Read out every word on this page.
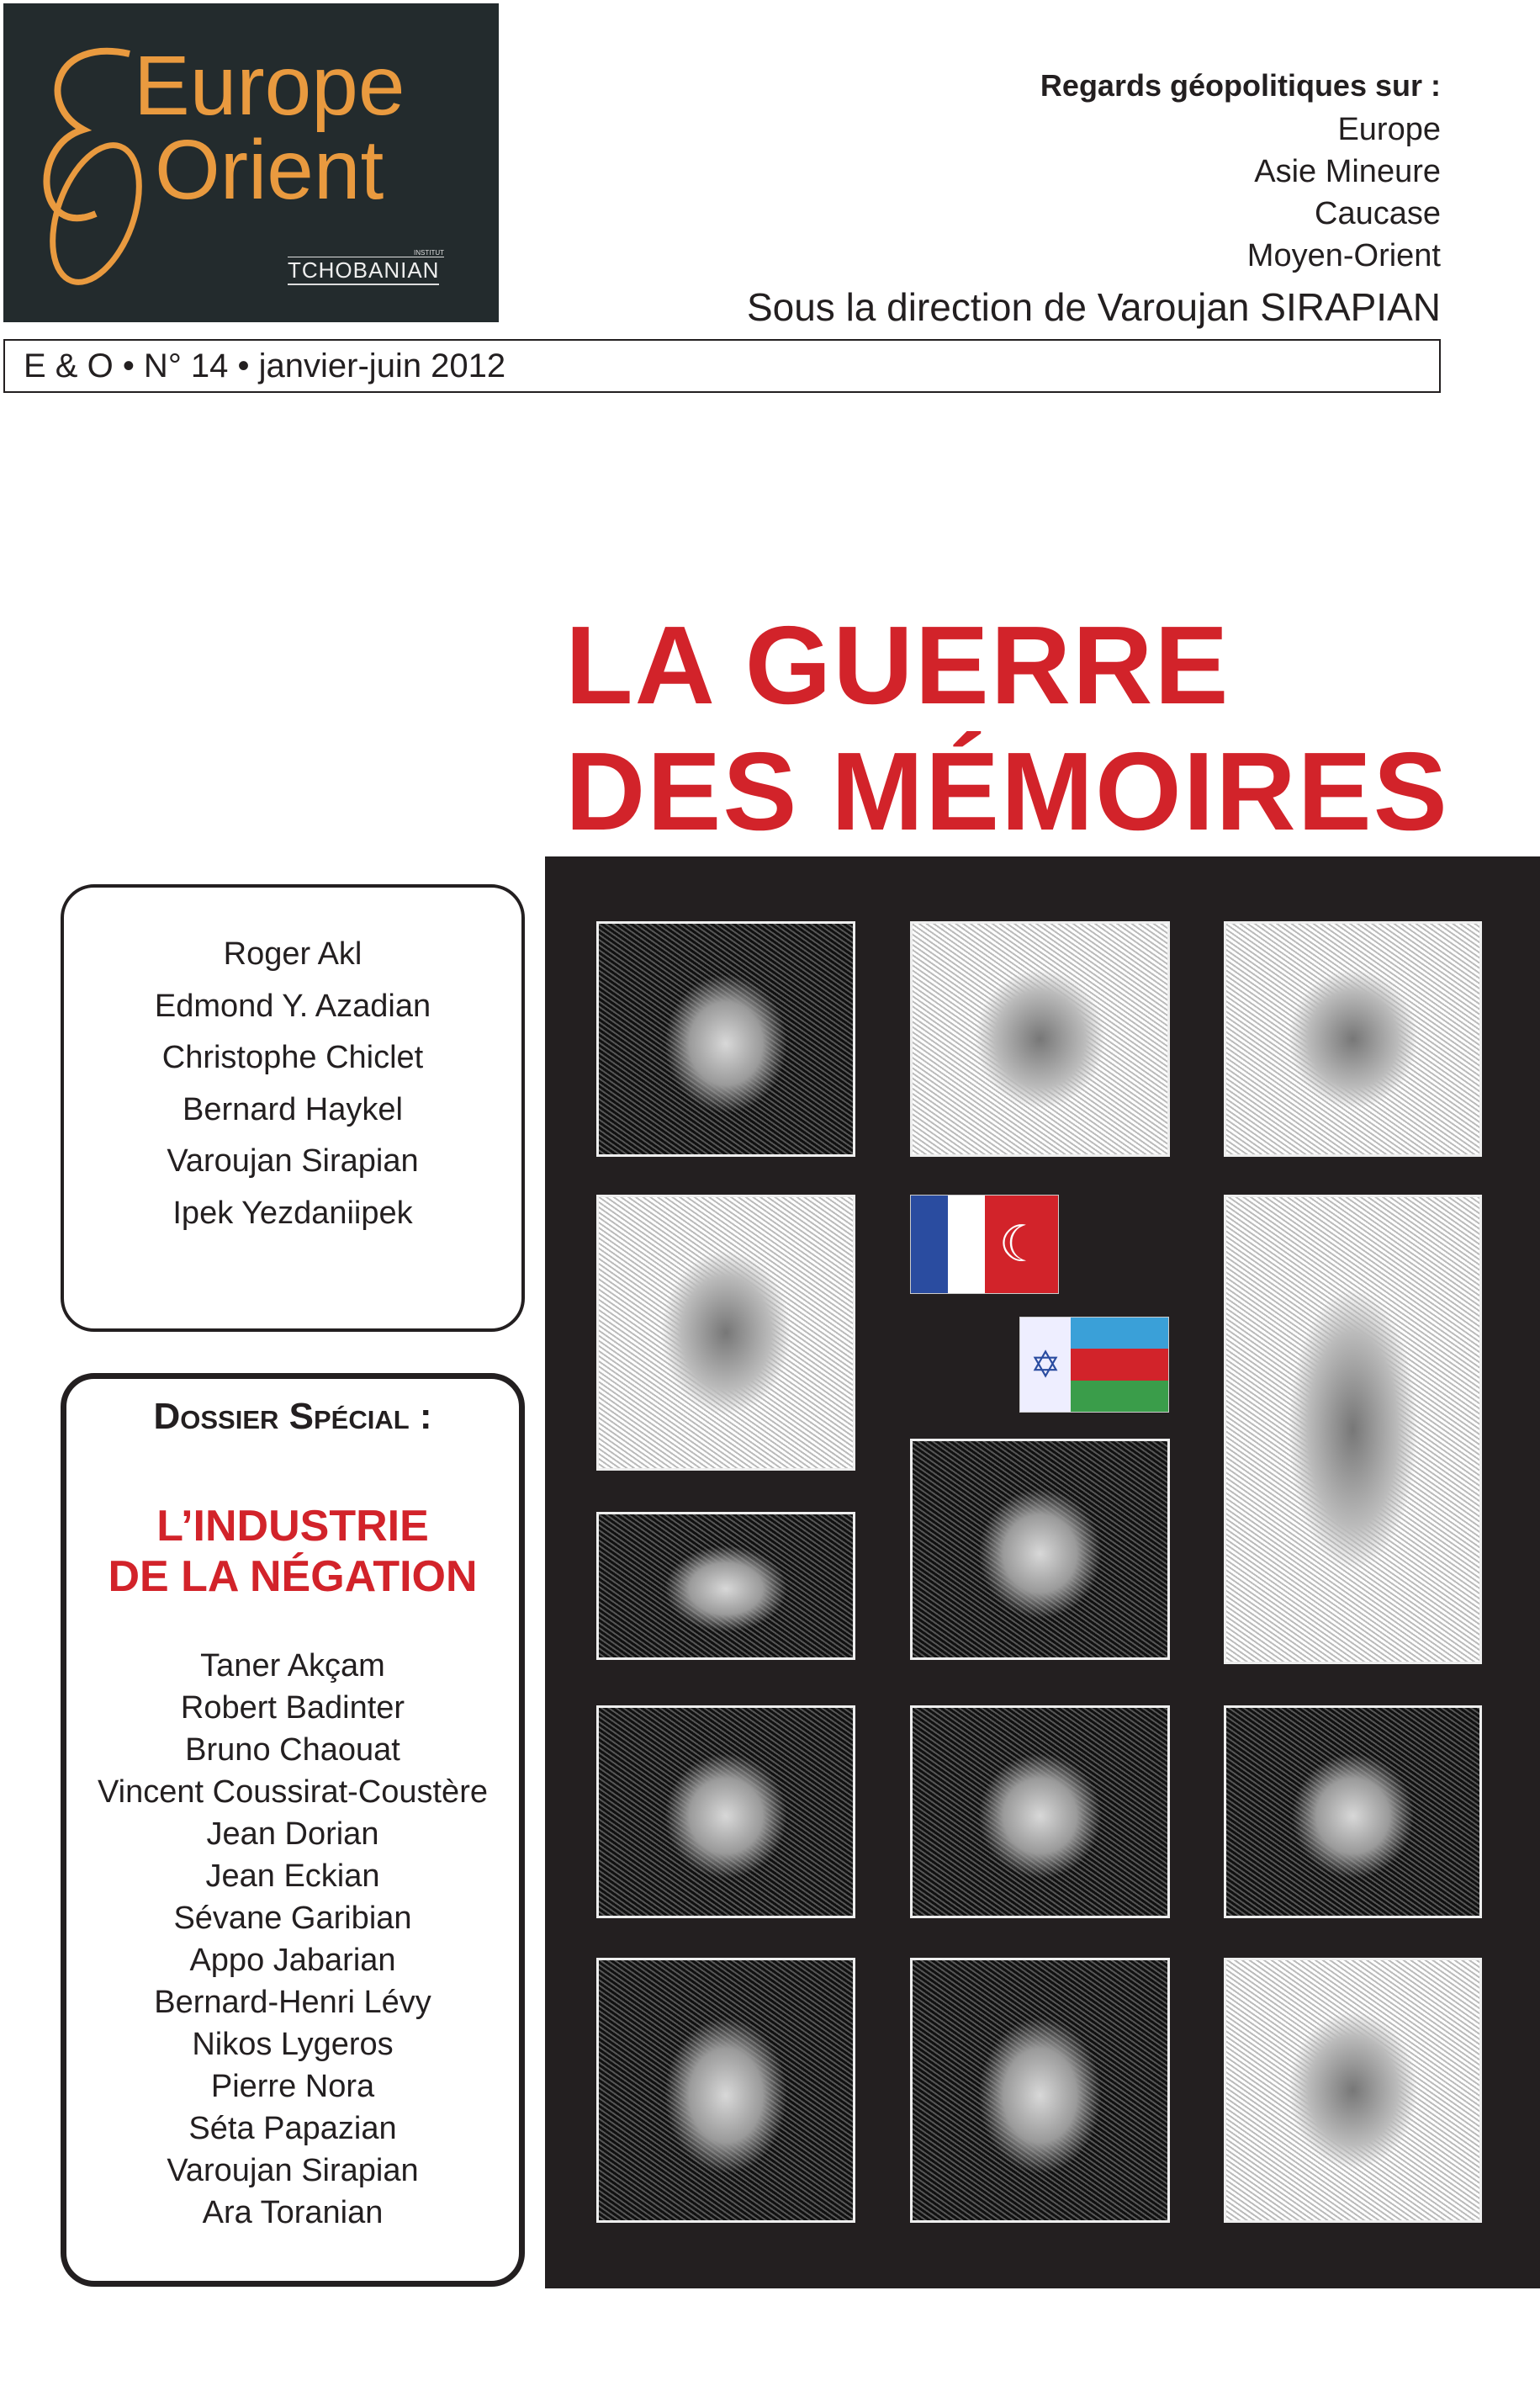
Europe
Orient
INSTITUT
TCHOBANIAN
Regards géopolitiques sur :
Europe
Asie Mineure
Caucase
Moyen-Orient
Sous la direction de Varoujan SIRAPIAN
E & O • N° 14 • janvier-juin 2012
LA GUERRE
DES MÉMOIRES
Roger Akl
Edmond Y. Azadian
Christophe Chiclet
Bernard Haykel
Varoujan Sirapian
Ipek Yezdaniipek
Dossier Spécial :
L’INDUSTRIE
DE LA NÉGATION
Taner Akçam
Robert Badinter
Bruno Chaouat
Vincent Coussirat-Coustère
Jean Dorian
Jean Eckian
Sévane Garibian
Appo Jabarian
Bernard-Henri Lévy
Nikos Lygeros
Pierre Nora
Séta Papazian
Varoujan Sirapian
Ara Toranian
☾
✡
